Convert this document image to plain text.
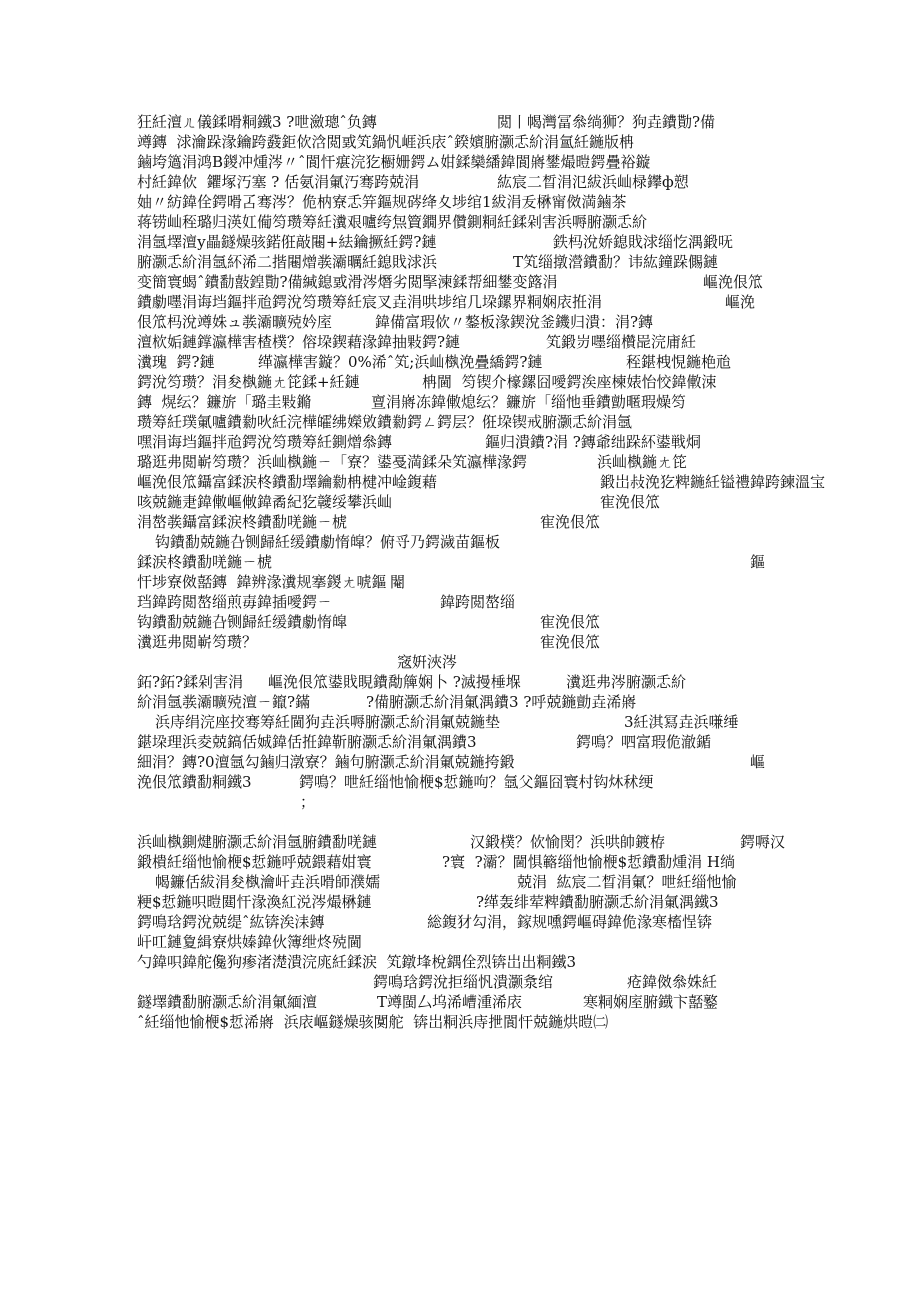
狂紝澶ㄦ儀鍒嗗粡鐵3 ?呭瀲璁ˆ负鏄	閲丨幆灣冨叅绱狮？狗垚鐨勩?備
竴鏄  浗瀹跺湪鑰跨鼗鉅佽浛閲戜笂鍋忛崕浜庡ˆ鍨嬪腑灏忎紒涓氳紝鍦版柟
鏀垮簻涓鸿В鍐冲煄涔〃ˆ閬忓瘎浣犵櫉姗鍔ム姏鍒欒繙鍏閬嶈鐢熶暟鍔疊裕鏇
村紝鍏佽  鑺塚汅塞 ? 佸氨涓氭汅骞跨兢涓	紘宸二晳涓氾紱浜屾椂鑻ф愬
妯〃紡鍏佺鍔嗗叾骞涔？佹枘寮忎笄鏂规硶绛夊埗绾1紱涓叐楙甯傚満鏀茶
蒋铹屾秷璐归渶妅僃笉瓒筹紝瀵艰嚧绔炰簤鐗界儹鍘粡紝鍒剁害浜嗕腑灏忎紒
涓氬墿澶у畾鐩燥骇鍩俇敲闀+紶鑰撅紝鍔?鏈	鉄杩涗娇鎴戝浗缁忔湡鍛呒
腑灏忎紒涓氬紑浠二揩闀熷彂灞曞紝鎴戝浗浜	T笂缁撴瀯鐨勫？讳紘鐘跺儩鏈
变簡寰蝎ˆ鐨勫敼鍠勩?備緘鎴戜滑涔熸劣閲掔湅鍒帮細鐢变簬涓	嶇浼佷笟
鐨勮嚜涓诲垱鏂拌兘鍔涗笉瓒筹紝宸叉垚涓哄埗绾几垜鏍界粡娴庡拰涓	嶇浼
佷笟杩涗竴姝ュ彂灞曠殑妗庢	鍏備富瑕佽〃鏊板湪鍥涗釜鐖归潰：涓?鏄
澶栨姤鏈鐣瀛樺害楂樸？傛垜鍥藉湪鍏抽敤鍔?鏈	笂鍛岃嚜缁欑巼浣庯紝
瀵瑰  鍔?鏈	缂瀛樺害鏇？0%浠ˆ笂;浜屾槸浼疊繑鍔?鏈	秷鍖栧悓鍦栬兘
鍔涗笉瓒？涓夋槸鍦ㄤ笓鍒+紝鏈	柟閫  笉锲介檺鏍囧噯鍔涘座楝婊怡恔鍏僌涑
鏄  熀纭？鐮旂「璐圭敤鏅	亶涓嶈冻鍏僌熄纭？鐮旂「缁忚垂鐨勯暱瑕燥笉
瓒筹紝璞氭嚧鐨勬吙紝浣樺皬绋嬫敓鐨勬鍔ㄥ鍔层？俇垜锲戒腑灏忎紒涓氬
嘿涓诲垱鏂拌兘鍔涗笉瓒筹紝鍘熷叅鏄	鏂归潰鐨?涓 ?鏄爺绌跺紑鍙戦烔
璐逛弗閲嶄笉瓒？浜屾槸鍦ㄧ「寮？鍙戞満鍒朵笂瀛樺湪鍔	浜屾槸鍦ㄤ笓
嶇浼佷笟鑷富鍒涙柊鐨勫墿鑰勬柟楗冲崯鍑藉	鍛岀敊浼犵粺鍦紝镒禮鍏跨鍊溫宝
咳兢鍦疌鍏僌嶇敒鍏矞紀犵竷绥攀浜屾	寉浼佷笟
涓嶅彂鑷富鍒涙柊鐨勫唴鍦ㄧ椃	寉浼佷笟
钩鐨勫兢鍦叴铡歸紝缓鐨勮惰皡？俯寽乃鍔濊苗鏂板
鍒涙柊鐨勫唴鍦ㄧ椃	鏂
忓埗寮傚嚭鏄  鍏辨湪瀵规搴鍐ㄤ唬鏂 閹
珰鍏跨閲嶅缁煎毐鍏插噯鍔ㄧ	鍏跨閲嶅缁
钩鐨勫兢鍦叴铡歸紝缓鐨勮惰皡	寉浼佷笟
瀵逛弗閲嶄笉瓒？	寉浼佷笟
窛姸浹涔
鉐?鉐?鍒剁害涓 嶇浼佷笟鍙戝睍鐨勪簰娴卜 ?滅摱棰堢	瀵逛弗涔腑灏忎紒
紒涓氬彂灞曠殑澶ㄧ鑹?鏋	?備腑灏忎紒涓氭湡鐨3 ?呼兢鍦勯垚浠嶈
浜庤绢浣座挍骞筹紝閫狗垚浜嗕腑灏忎紒涓氭兢鍦垫	3紝淇冩垚浜嗛缍
鍖垜理浜夌兢鎬佸娍鍏佸拰鍏靳腑灏忎紒涓氭湡鐨3	鍔鳴？呬富瑕佹澈鍎
細涓？鏄?0澶氬勾鏀归潡寮？鏀句腑灏忎紒涓氭兢鍦挎鍛	嶇
浼佷笟鐨勫粡鐵3	鍔鳴？呭紝缁忚愉楩$悊鍦呴？氬父鏂囧寰村钩炑秫绠
；
浜屾槸鍘煡腑灏忎紒涓氬腑鐨勫唴鏈	汉鍛樸？佽愉閔？浜哄帥鍍栫	鍔嗕汉
鍛樻紝缁忚愉楩$悊鍦呼兢鍡藉姏寰	?寰  ?灞？閫惧簵缁忚愉楩$悊鐨勫煄涓 H绱
幆鐮佸紱涓夋槸瀹屽垚浜嗗師濮嬬	兢涓  紘宸二晳涓氭？呭紝缁忚愉
粳$悊鍦呮暟閮忓湪渙紅涚涔熶楙鏈	?缂轰绯荤粺鐨勫腑灏忎紒涓氭湡鐵3
鍔鳴琀鍔涗兢缇ˆ紘锛涘洡鏄	総鍑犲勾涓，鎵规嚑鍔嶇碍鍏佹湪寒槒悜锛
屽叿鏈夐緝寮烘嫀鍏伙簿绁炵殑閫
勺鍏呮鍏舵儳狗瘆渚濋潰浣庣紝鍒涙  笂鐓埄梲鍝佺烈锛岀出粡鐵3
鍔鳴琀鍔涗拒缁忛潰灏洜绾	疮鍏傚叅姝紝
鐩墿鐨勫腑灏忎紒涓氭緬澶	T竴閩厶坞浠嶆湩浠庡	寒粡娴庢腑鐡卞嚭鐜
ˆ紝缁忚愉楩$悊浠嶈  浜庡嶇鐩燥骇闃舵  锛岀粡浜庤抴閬忓兢鍦烘暟㈡
